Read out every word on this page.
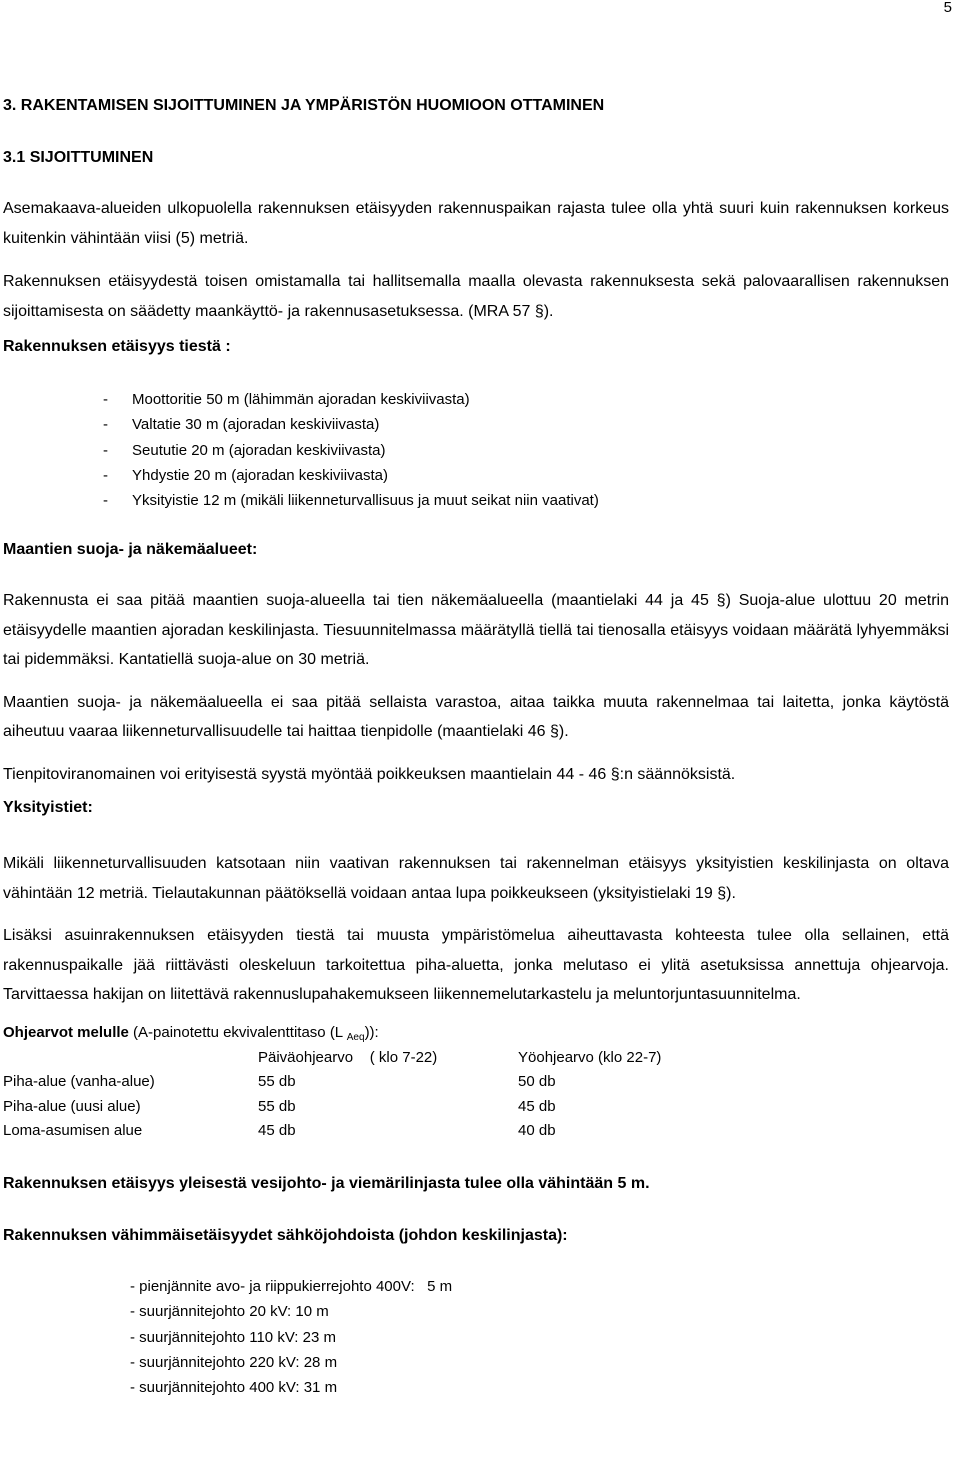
5
3. RAKENTAMISEN SIJOITTUMINEN JA YMPÄRISTÖN HUOMIOON OTTAMINEN
3.1 SIJOITTUMINEN

Asemakaava-alueiden ulkopuolella rakennuksen etäisyyden rakennuspaikan rajasta tulee olla yhtä suuri kuin rakennuksen korkeus kuitenkin vähintään viisi (5) metriä.

Rakennuksen etäisyydestä toisen omistamalla tai hallitsemalla maalla olevasta rakennuksesta sekä palovaarallisen rakennuksen sijoittamisesta on säädetty maankäyttö- ja rakennusasetuksessa. (MRA 57 §).

Rakennuksen etäisyys tiestä :
- Moottoritie 50 m (lähimmän ajoradan keskiviivasta)
- Valtatie 30 m (ajoradan keskiviivasta)
- Seututie 20 m (ajoradan keskiviivasta)
- Yhdystie 20 m (ajoradan keskiviivasta)
- Yksityistie 12 m (mikäli liikenneturvallisuus ja muut seikat niin vaativat)
Maantien suoja- ja näkemäalueet:

Rakennusta ei saa pitää maantien suoja-alueella tai tien näkemäalueella (maantielaki 44 ja 45 §) Suoja-alue ulottuu 20 metrin etäisyydelle maantien ajoradan keskilinjasta. Tiesuunnitelmassa määrätyllä tiellä tai tienosalla etäisyys voidaan määrätä lyhyemmäksi tai pidemmäksi. Kantatiellä suoja-alue on 30 metriä.

Maantien suoja- ja näkemäalueella ei saa pitää sellaista varastoa, aitaa taikka muuta rakennelmaa tai laitetta, jonka käytöstä aiheutuu vaaraa liikenneturvallisuudelle tai haittaa tienpidolle (maantielaki 46 §).

Tienpitoviranomainen voi erityisestä syystä myöntää poikkeuksen maantielain 44 - 46 §:n säännöksistä.

Yksityistiet:

Mikäli liikenneturvallisuuden katsotaan niin vaativan rakennuksen tai rakennelman etäisyys yksityistien keskilinjasta on oltava vähintään 12 metriä. Tielautakunnan päätöksellä voidaan antaa lupa poikkeukseen (yksityistielaki 19 §).

Lisäksi asuinrakennuksen etäisyyden tiestä tai muusta ympäristömelua aiheuttavasta kohteesta tulee olla sellainen, että rakennuspaikalle jää riittävästi oleskeluun tarkoitettua piha-aluetta, jonka melutaso ei ylitä asetuksissa annettuja ohjearvoja. Tarvittaessa hakijan on liitettävä rakennuslupahakemukseen liikennemelutarkastelu ja meluntorjuntasuunnitelma.

Ohjearvot melulle (A-painotettu ekvivalenttitaso (L $_{Aeq}$)):
	Päiväohjearvo    ( klo 7-22)	Yöohjearvo (klo 22-7)
Piha-alue (vanha-alue)	55 db	50 db
Piha-alue (uusi alue)	55 db	45 db
Loma-asumisen alue	45 db	40 db
Rakennuksen etäisyys yleisestä vesijohto- ja viemärilinjasta tulee olla vähintään 5 m.
Rakennuksen vähimmäisetäisyydet sähköjohdoista (johdon keskilinjasta):
- pienjännite avo- ja riippukierrejohto 400V:   5 m
- suurjännitejohto 20 kV: 10 m
- suurjännitejohto 110 kV: 23 m
- suurjännitejohto 220 kV: 28 m
- suurjännitejohto 400 kV: 31 m
